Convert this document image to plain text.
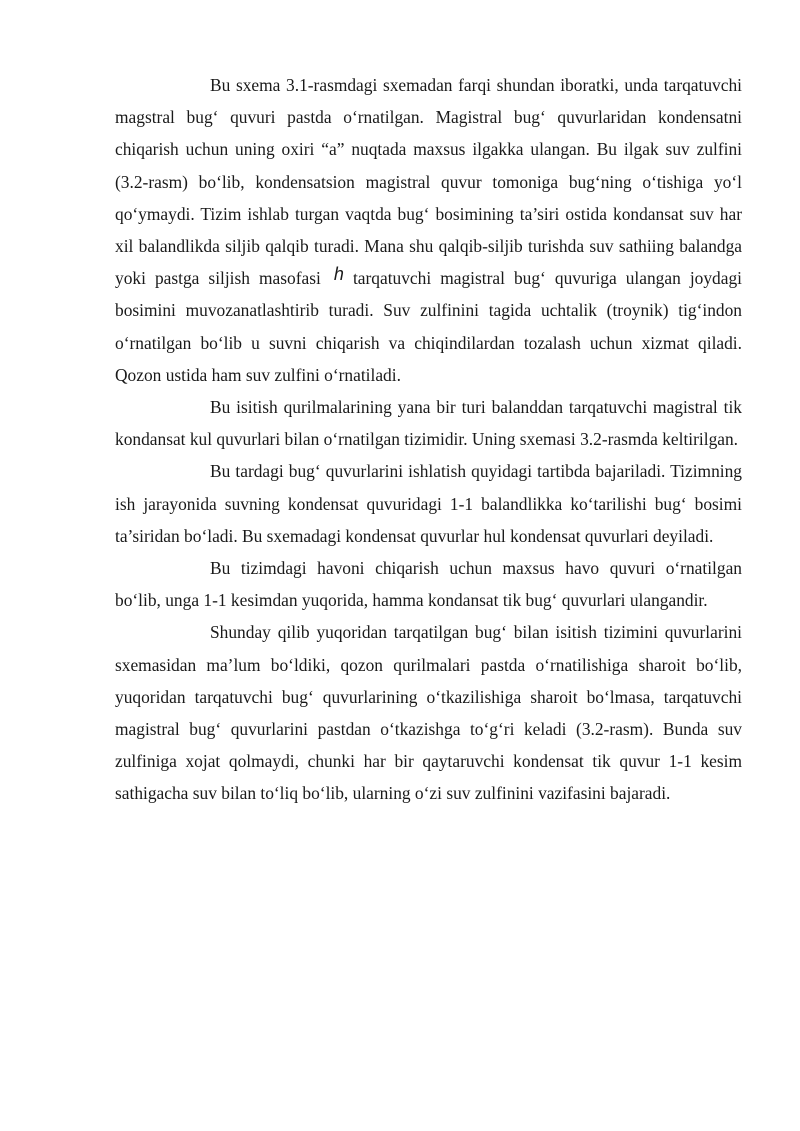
Bu sxema 3.1-rasmdagi sxemadan farqi shundan iboratki, unda tarqatuvchi magstral bug‘ quvuri pastda o‘rnatilgan. Magistral bug‘ quvurlaridan kondensatni chiqarish uchun uning oxiri “a” nuqtada maxsus ilgakka ulangan. Bu ilgak suv zulfini (3.2-rasm) bo‘lib, kondensatsion magistral quvur tomoniga bug‘ning o‘tishiga yo‘l qo‘ymaydi. Tizim ishlab turgan vaqtda bug‘ bosimining ta’siri ostida kondansat suv har xil balandlikda siljib qalqib turadi. Mana shu qalqib-siljib turishda suv sathiing balandga yoki pastga siljish masofasi h tarqatuvchi magistral bug‘ quvuriga ulangan joydagi bosimini muvozanatlashtirib turadi. Suv zulfinini tagida uchtalik (troynik) tig‘indon o‘rnatilgan bo‘lib u suvni chiqarish va chiqindilardan tozalash uchun xizmat qiladi. Qozon ustida ham suv zulfini o‘rnatiladi.

Bu isitish qurilmalarining yana bir turi balanddan tarqatuvchi magistral tik kondansat kul quvurlari bilan o‘rnatilgan tizimidir. Uning sxemasi 3.2-rasmda keltirilgan.

Bu tardagi bug‘ quvurlarini ishlatish quyidagi tartibda bajariladi. Tizimning ish jarayonida suvning kondensat quvuridagi 1-1 balandlikka ko‘tarilishi bug‘ bosimi ta’siridan bo‘ladi. Bu sxemadagi kondensat quvurlar hul kondensat quvurlari deyiladi.

Bu tizimdagi havoni chiqarish uchun maxsus havo quvuri o‘rnatilgan bo‘lib, unga 1-1 kesimdan yuqorida, hamma kondansat tik bug‘ quvurlari ulangandir.

Shunday qilib yuqoridan tarqatilgan bug‘ bilan isitish tizimini quvurlarini sxemasidan ma’lum bo‘ldiki, qozon qurilmalari pastda o‘rnatilishiga sharoit bo‘lib, yuqoridan tarqatuvchi bug‘ quvurlarining o‘tkazilishiga sharoit bo‘lmasa, tarqatuvchi magistral bug‘ quvurlarini pastdan o‘tkazishga to‘g‘ri keladi (3.2-rasm). Bunda suv zulfiniga xojat qolmaydi, chunki har bir qaytaruvchi kondensat tik quvur 1-1 kesim sathigacha suv bilan to‘liq bo‘lib, ularning o‘zi suv zulfinini vazifasini bajaradi.
